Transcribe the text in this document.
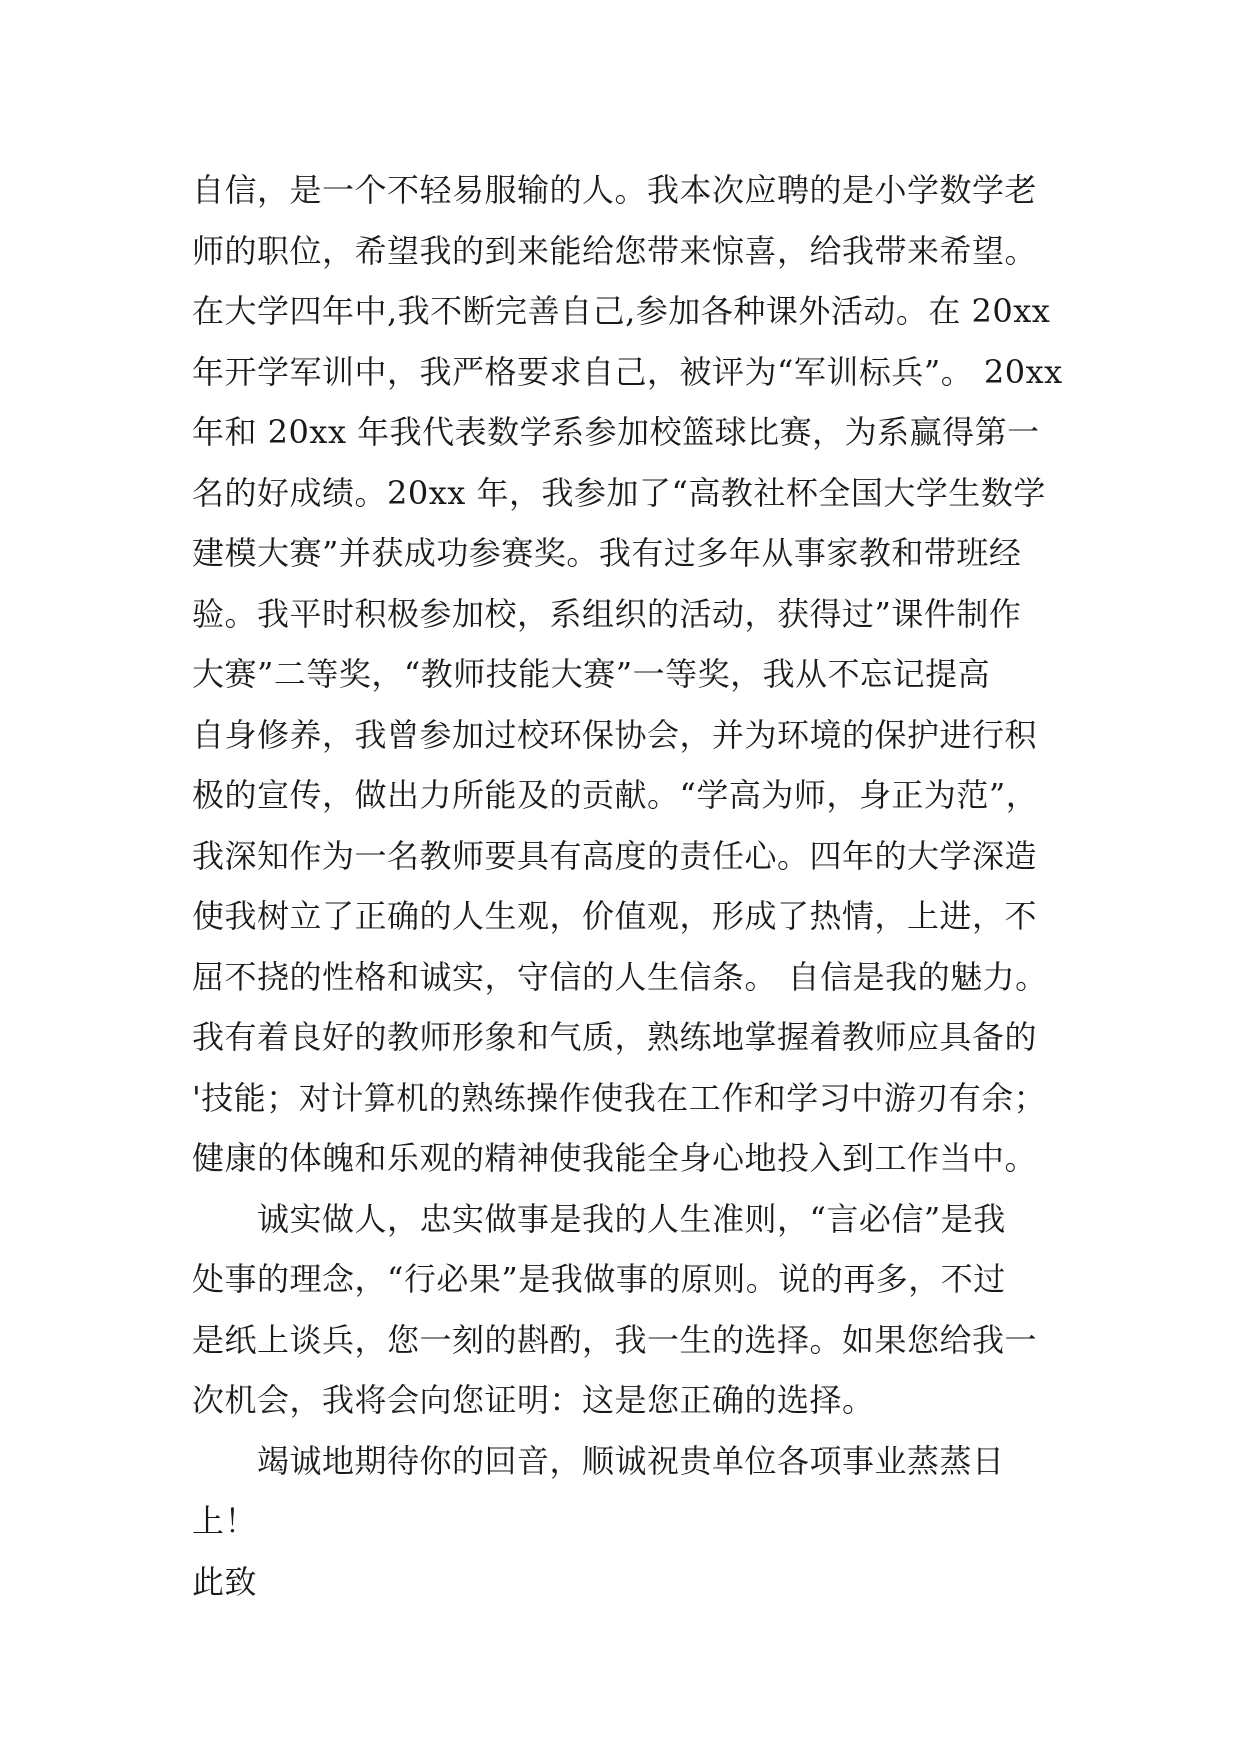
自信，是一个不轻易服输的人。我本次应聘的是小学数学老
师的职位，希望我的到来能给您带来惊喜，给我带来希望。
在大学四年中,我不断完善自己,参加各种课外活动。在 20xx
年开学军训中，我严格要求自己，被评为“军训标兵”。 20xx
年和 20xx 年我代表数学系参加校篮球比赛，为系赢得第一
名的好成绩。20xx 年，我参加了“高教社杯全国大学生数学
建模大赛”并获成功参赛奖。我有过多年从事家教和带班经
验。我平时积极参加校，系组织的活动，获得过”课件制作
大赛”二等奖，“教师技能大赛”一等奖，我从不忘记提高
自身修养，我曾参加过校环保协会，并为环境的保护进行积
极的宣传，做出力所能及的贡献。“学高为师，身正为范”，
我深知作为一名教师要具有高度的责任心。四年的大学深造
使我树立了正确的人生观，价值观，形成了热情，上进，不
屈不挠的性格和诚实，守信的人生信条。 自信是我的魅力。
我有着良好的教师形象和气质，熟练地掌握着教师应具备的
'技能；对计算机的熟练操作使我在工作和学习中游刃有余；
健康的体魄和乐观的精神使我能全身心地投入到工作当中。
　　诚实做人，忠实做事是我的人生准则，“言必信”是我
处事的理念，“行必果”是我做事的原则。说的再多，不过
是纸上谈兵，您一刻的斟酌，我一生的选择。如果您给我一
次机会，我将会向您证明：这是您正确的选择。
　　竭诚地期待你的回音，顺诚祝贵单位各项事业蒸蒸日
上！
此致
